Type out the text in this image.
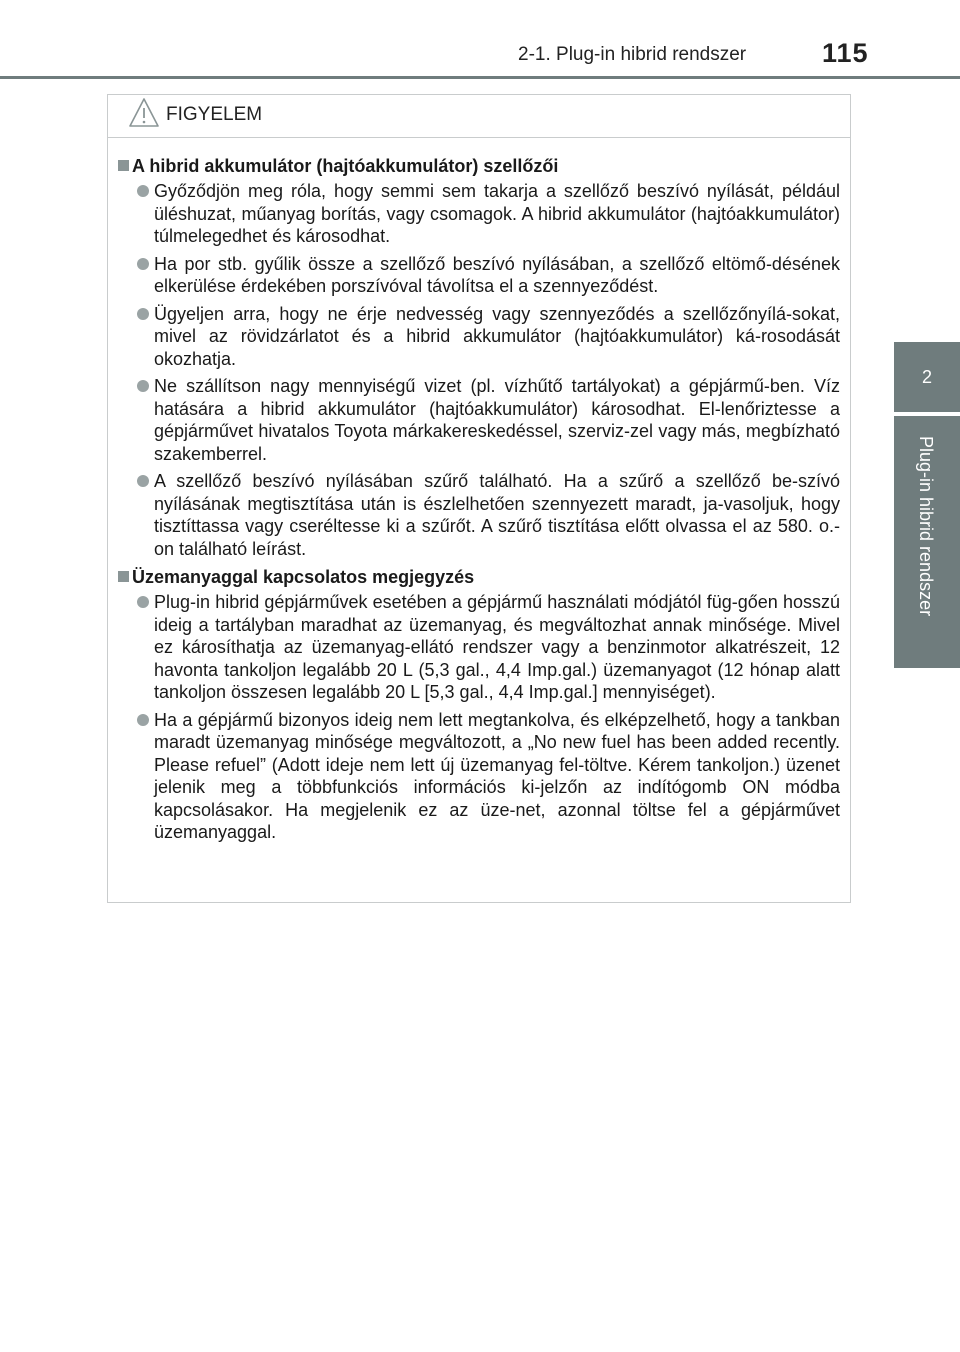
2-1. Plug-in hibrid rendszer	115
2
Plug-in hibrid rendszer
FIGYELEM
A hibrid akkumulátor (hajtóakkumulátor) szellőzői
Győződjön meg róla, hogy semmi sem takarja a szellőző beszívó nyílását, például üléshuzat, műanyag borítás, vagy csomagok. A hibrid akkumulátor (hajtóakkumulátor) túlmelegedhet és károsodhat.
Ha por stb. gyűlik össze a szellőző beszívó nyílásában, a szellőző eltömő-désének elkerülése érdekében porszívóval távolítsa el a szennyeződést.
Ügyeljen arra, hogy ne érje nedvesség vagy szennyeződés a szellőzőnyílá-sokat, mivel az rövidzárlatot és a hibrid akkumulátor (hajtóakkumulátor) ká-rosodását okozhatja.
Ne szállítson nagy mennyiségű vizet (pl. vízhűtő tartályokat) a gépjármű-ben. Víz hatására a hibrid akkumulátor (hajtóakkumulátor) károsodhat. El-lenőriztesse a gépjárművet hivatalos Toyota márkakereskedéssel, szerviz-zel vagy más, megbízható szakemberrel.
A szellőző beszívó nyílásában szűrő található. Ha a szűrő a szellőző be-szívó nyílásának megtisztítása után is észlelhetően szennyezett maradt, ja-vasoljuk, hogy tisztíttassa vagy cseréltesse ki a szűrőt. A szűrő tisztítása előtt olvassa el az 580. o.-on található leírást.
Üzemanyaggal kapcsolatos megjegyzés
Plug-in hibrid gépjárművek esetében a gépjármű használati módjától füg-gően hosszú ideig a tartályban maradhat az üzemanyag, és megváltozhat annak minősége. Mivel ez károsíthatja az üzemanyag-ellátó rendszer vagy a benzinmotor alkatrészeit, 12 havonta tankoljon legalább 20 L (5,3 gal., 4,4 Imp.gal.) üzemanyagot (12 hónap alatt tankoljon összesen legalább 20 L [5,3 gal., 4,4 Imp.gal.] mennyiséget).
Ha a gépjármű bizonyos ideig nem lett megtankolva, és elképzelhető, hogy a tankban maradt üzemanyag minősége megváltozott, a „No new fuel has been added recently. Please refuel” (Adott ideje nem lett új üzemanyag fel-töltve. Kérem tankoljon.) üzenet jelenik meg a többfunkciós információs ki-jelzőn az indítógomb ON módba kapcsolásakor. Ha megjelenik ez az üze-net, azonnal töltse fel a gépjárművet üzemanyaggal.
